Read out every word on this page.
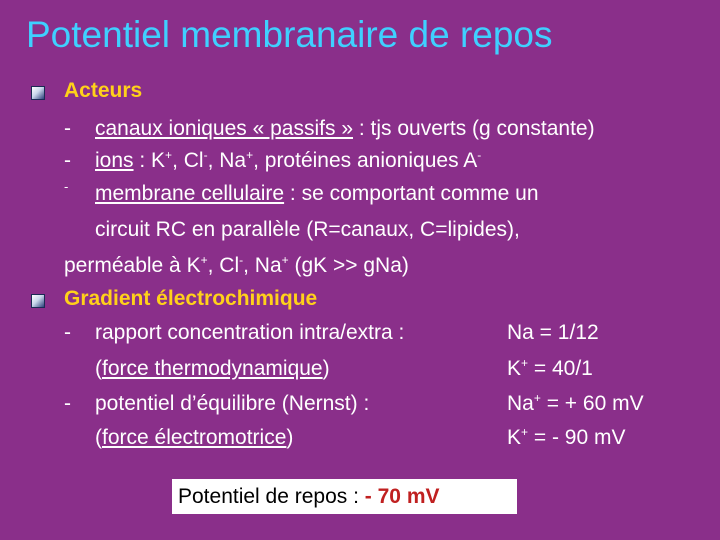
Potentiel membranaire de repos
Acteurs
- canaux ioniques « passifs » : tjs ouverts (g constante)
- ions : K+, Cl-, Na+, protéines anioniques A-
- membrane cellulaire : se comportant comme un
circuit RC en parallèle (R=canaux, C=lipides),
perméable à K+, Cl-, Na+ (gK >> gNa)
Gradient électrochimique
- rapport concentration intra/extra :
(force thermodynamique)
- potentiel d’équilibre (Nernst) :
(force électromotrice)
Na = 1/12
K+ = 40/1
Na+ = + 60 mV
K+ = - 90 mV
Potentiel de repos : - 70 mV
